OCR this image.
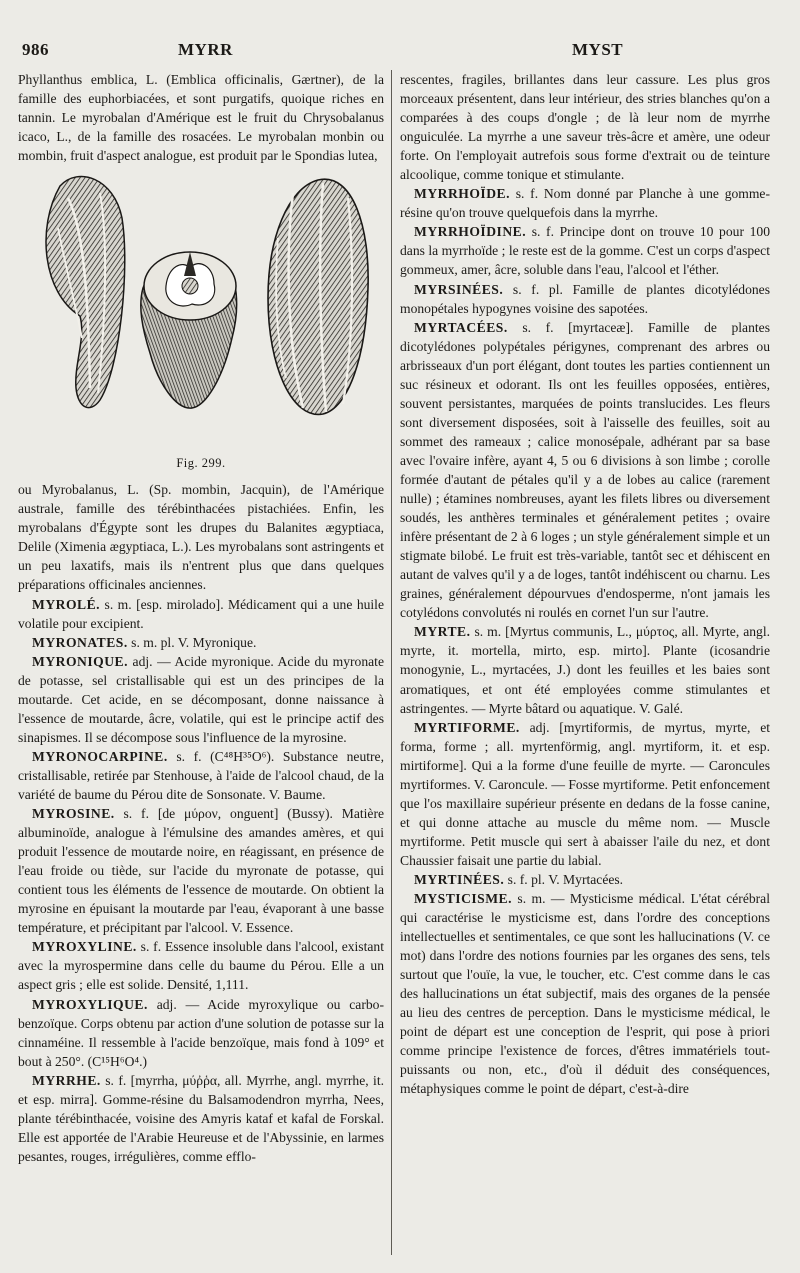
986	MYRR	MYST

Phyllanthus emblica, L. (Emblica officinalis, Gærtner), de la famille des euphorbiacées, et sont purgatifs, quoique riches en tannin. Le myrobalan d'Amérique est le fruit du Chrysobalanus icaco, L., de la famille des rosacées. Le myrobalan monbin ou mombin, fruit d'aspect analogue, est produit par le Spondias lutea,

Fig. 299.

ou Myrobalanus, L. (Sp. mombin, Jacquin), de l'Amérique australe, famille des térébinthacées pistachiées. Enfin, les myrobalans d'Égypte sont les drupes du Balanites ægyptiaca, Delile (Ximenia ægyptiaca, L.). Les myrobalans sont astringents et un peu laxatifs, mais ils n'entrent plus que dans quelques préparations officinales anciennes.

MYROLÉ. s. m. [esp. mirolado]. Médicament qui a une huile volatile pour excipient.

MYRONATES. s. m. pl. V. Myronique.

MYRONIQUE. adj. — Acide myronique. Acide du myronate de potasse, sel cristallisable qui est un des principes de la moutarde. Cet acide, en se décomposant, donne naissance à l'essence de moutarde, âcre, volatile, qui est le principe actif des sinapismes. Il se décompose sous l'influence de la myrosine.

MYRONOCARPINE. s. f. (C⁴⁸H³⁵O⁶). Substance neutre, cristallisable, retirée par Stenhouse, à l'aide de l'alcool chaud, de la variété de baume du Pérou dite de Sonsonate. V. Baume.

MYROSINE. s. f. [de μύρον, onguent] (Bussy). Matière albuminoïde, analogue à l'émulsine des amandes amères, et qui produit l'essence de moutarde noire, en réagissant, en présence de l'eau froide ou tiède, sur l'acide du myronate de potasse, qui contient tous les éléments de l'essence de moutarde. On obtient la myrosine en épuisant la moutarde par l'eau, évaporant à une basse température, et précipitant par l'alcool. V. Essence.

MYROXYLINE. s. f. Essence insoluble dans l'alcool, existant avec la myrospermine dans celle du baume du Pérou. Elle a un aspect gris ; elle est solide. Densité, 1,111.

MYROXYLIQUE. adj. — Acide myroxylique ou carbo-benzoïque. Corps obtenu par action d'une solution de potasse sur la cinnaméine. Il ressemble à l'acide benzoïque, mais fond à 109° et bout à 250°. (C¹⁵H⁶O⁴.)

MYRRHE. s. f. [myrrha, μύῤῥα, all. Myrrhe, angl. myrrhe, it. et esp. mirra]. Gomme-résine du Balsamodendron myrrha, Nees, plante térébinthacée, voisine des Amyris kataf et kafal de Forskal. Elle est apportée de l'Arabie Heureuse et de l'Abyssinie, en larmes pesantes, rouges, irrégulières, comme efflo-

rescentes, fragiles, brillantes dans leur cassure. Les plus gros morceaux présentent, dans leur intérieur, des stries blanches qu'on a comparées à des coups d'ongle ; de là leur nom de myrrhe onguiculée. La myrrhe a une saveur très-âcre et amère, une odeur forte. On l'employait autrefois sous forme d'extrait ou de teinture alcoolique, comme tonique et stimulante.

MYRRHOÏDE. s. f. Nom donné par Planche à une gomme-résine qu'on trouve quelquefois dans la myrrhe.

MYRRHOÏDINE. s. f. Principe dont on trouve 10 pour 100 dans la myrrhoïde ; le reste est de la gomme. C'est un corps d'aspect gommeux, amer, âcre, soluble dans l'eau, l'alcool et l'éther.

MYRSINÉES. s. f. pl. Famille de plantes dicotylédones monopétales hypogynes voisine des sapotées.

MYRTACÉES. s. f. [myrtaceæ]. Famille de plantes dicotylédones polypétales périgynes, comprenant des arbres ou arbrisseaux d'un port élégant, dont toutes les parties contiennent un suc résineux et odorant. Ils ont les feuilles opposées, entières, souvent persistantes, marquées de points translucides. Les fleurs sont diversement disposées, soit à l'aisselle des feuilles, soit au sommet des rameaux ; calice monosépale, adhérant par sa base avec l'ovaire infère, ayant 4, 5 ou 6 divisions à son limbe ; corolle formée d'autant de pétales qu'il y a de lobes au calice (rarement nulle) ; étamines nombreuses, ayant les filets libres ou diversement soudés, les anthères terminales et généralement petites ; ovaire infère présentant de 2 à 6 loges ; un style généralement simple et un stigmate bilobé. Le fruit est très-variable, tantôt sec et déhiscent en autant de valves qu'il y a de loges, tantôt indéhiscent ou charnu. Les graines, généralement dépourvues d'endosperme, n'ont jamais les cotylédons convolutés ni roulés en cornet l'un sur l'autre.

MYRTE. s. m. [Myrtus communis, L., μύρτος, all. Myrte, angl. myrte, it. mortella, mirto, esp. mirto]. Plante (icosandrie monogynie, L., myrtacées, J.) dont les feuilles et les baies sont aromatiques, et ont été employées comme stimulantes et astringentes. — Myrte bâtard ou aquatique. V. Galé.

MYRTIFORME. adj. [myrtiformis, de myrtus, myrte, et forma, forme ; all. myrtenförmig, angl. myrtiform, it. et esp. mirtiforme]. Qui a la forme d'une feuille de myrte. — Caroncules myrtiformes. V. Caroncule. — Fosse myrtiforme. Petit enfoncement que l'os maxillaire supérieur présente en dedans de la fosse canine, et qui donne attache au muscle du même nom. — Muscle myrtiforme. Petit muscle qui sert à abaisser l'aile du nez, et dont Chaussier faisait une partie du labial.

MYRTINÉES. s. f. pl. V. Myrtacées.

MYSTICISME. s. m. — Mysticisme médical. L'état cérébral qui caractérise le mysticisme est, dans l'ordre des conceptions intellectuelles et sentimentales, ce que sont les hallucinations (V. ce mot) dans l'ordre des notions fournies par les organes des sens, tels surtout que l'ouïe, la vue, le toucher, etc. C'est comme dans le cas des hallucinations un état subjectif, mais des organes de la pensée au lieu des centres de perception. Dans le mysticisme médical, le point de départ est une conception de l'esprit, qui pose à priori comme principe l'existence de forces, d'êtres immatériels tout-puissants ou non, etc., d'où il déduit des conséquences, métaphysiques comme le point de départ, c'est-à-dire
